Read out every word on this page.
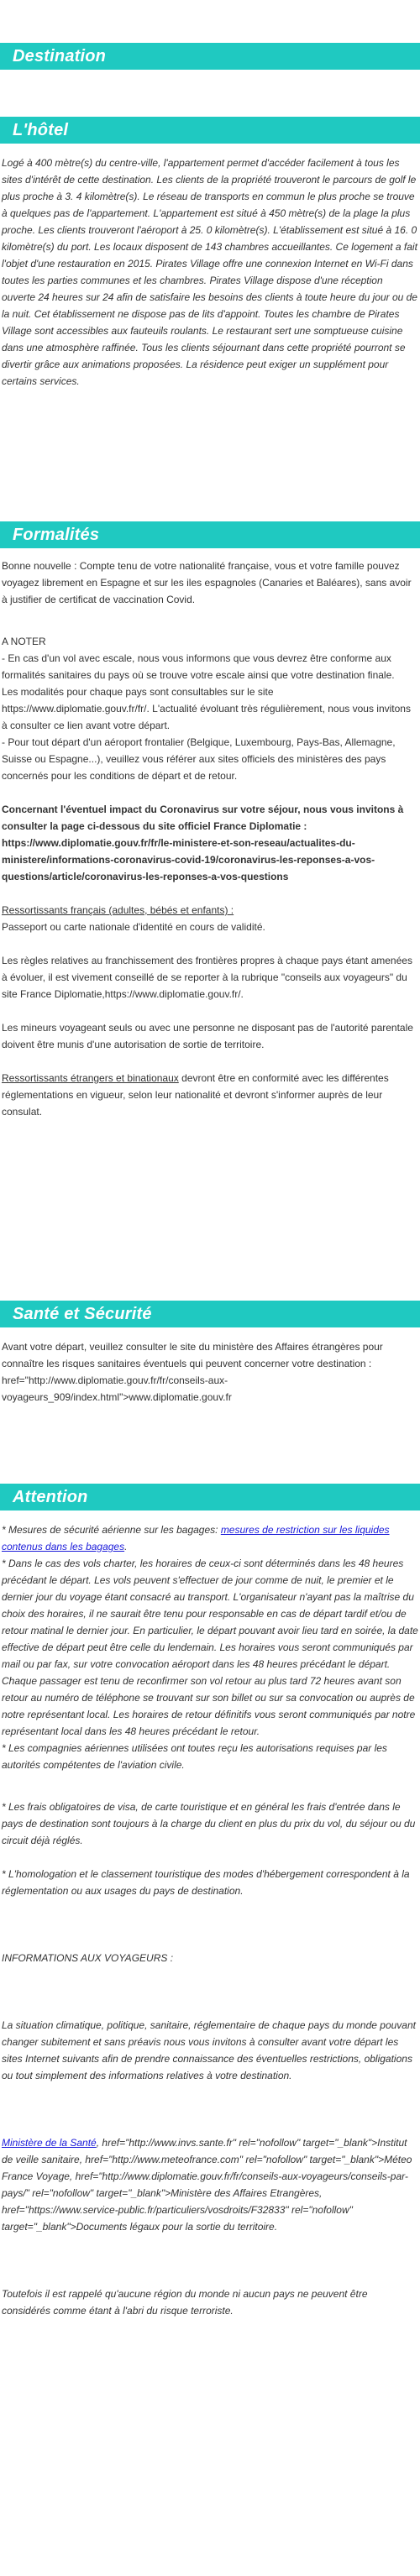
Destination
L'hôtel

Logé à 400 mètre(s) du centre-ville, l'appartement permet d'accéder facilement à tous les sites d'intérêt de cette destination. Les clients de la propriété trouveront le parcours de golf le plus proche à 3. 4 kilomètre(s). Le réseau de transports en commun le plus proche se trouve à quelques pas de l'appartement. L'appartement est situé à 450 mètre(s) de la plage la plus proche. Les clients trouveront l'aéroport à 25. 0 kilomètre(s). L'établissement est situé à 16. 0 kilomètre(s) du port. Les locaux disposent de 143 chambres accueillantes. Ce logement a fait l'objet d'une restauration en 2015. Pirates Village offre une connexion Internet en Wi-Fi dans toutes les parties communes et les chambres. Pirates Village dispose d'une réception ouverte 24 heures sur 24 afin de satisfaire les besoins des clients à toute heure du jour ou de la nuit. Cet établissement ne dispose pas de lits d'appoint. Toutes les chambre de Pirates Village sont accessibles aux fauteuils roulants. Le restaurant sert une somptueuse cuisine dans une atmosphère raffinée. Tous les clients séjournant dans cette propriété pourront se divertir grâce aux animations proposées. La résidence peut exiger un supplément pour certains services.

Formalités

Bonne nouvelle : Compte tenu de votre nationalité française, vous et votre famille pouvez voyagez librement en Espagne et sur les iles espagnoles (Canaries et Baléares), sans avoir à justifier de certificat de vaccination Covid.

A NOTER

- En cas d'un vol avec escale, nous vous informons que vous devrez être conforme aux formalités sanitaires du pays où se trouve votre escale ainsi que votre destination finale.

Les modalités pour chaque pays sont consultables sur le site https://www.diplomatie.gouv.fr/fr/. L'actualité évoluant très régulièrement, nous vous invitons à consulter ce lien avant votre départ.

- Pour tout départ d'un aéroport frontalier (Belgique, Luxembourg, Pays-Bas, Allemagne, Suisse ou Espagne...), veuillez vous référer aux sites officiels des ministères des pays concernés pour les conditions de départ et de retour.

Concernant l'éventuel impact du Coronavirus sur votre séjour, nous vous invitons à consulter la page ci-dessous du site officiel France Diplomatie : https://www.diplomatie.gouv.fr/fr/le-ministere-et-son-reseau/actualites-du-ministere/informations-coronavirus-covid-19/coronavirus-les-reponses-a-vos-questions/article/coronavirus-les-reponses-a-vos-questions

Ressortissants français (adultes, bébés et enfants) :

Passeport ou carte nationale d'identité en cours de validité.

Les règles relatives au franchissement des frontières propres à chaque pays étant amenées à évoluer, il est vivement conseillé de se reporter à la rubrique "conseils aux voyageurs" du site France Diplomatie,https://www.diplomatie.gouv.fr/.

Les mineurs voyageant seuls ou avec une personne ne disposant pas de l'autorité parentale doivent être munis d'une autorisation de sortie de territoire.

Ressortissants étrangers et binationaux devront être en conformité avec les différentes réglementations en vigueur, selon leur nationalité et devront s'informer auprès de leur consulat.

Santé et Sécurité

Avant votre départ, veuillez consulter le site du ministère des Affaires étrangères pour connaître les risques sanitaires éventuels qui peuvent concerner votre destination : href="http://www.diplomatie.gouv.fr/fr/conseils-aux-voyageurs_909/index.html">www.diplomatie.gouv.fr

Attention

* Mesures de sécurité aérienne sur les bagages: mesures de restriction sur les liquides contenus dans les bagages.

* Dans le cas des vols charter, les horaires de ceux-ci sont déterminés dans les 48 heures précédant le départ. Les vols peuvent s'effectuer de jour comme de nuit, le premier et le dernier jour du voyage étant consacré au transport. L'organisateur n'ayant pas la maîtrise du choix des horaires, il ne saurait être tenu pour responsable en cas de départ tardif et/ou de retour matinal le dernier jour. En particulier, le départ pouvant avoir lieu tard en soirée, la date effective de départ peut être celle du lendemain. Les horaires vous seront communiqués par mail ou par fax, sur votre convocation aéroport dans les 48 heures précédant le départ. Chaque passager est tenu de reconfirmer son vol retour au plus tard 72 heures avant son retour au numéro de téléphone se trouvant sur son billet ou sur sa convocation ou auprès de notre représentant local. Les horaires de retour définitifs vous seront communiqués par notre représentant local dans les 48 heures précédant le retour.

* Les compagnies aériennes utilisées ont toutes reçu les autorisations requises par les autorités compétentes de l'aviation civile.

* Les frais obligatoires de visa, de carte touristique et en général les frais d'entrée dans le pays de destination sont toujours à la charge du client en plus du prix du vol, du séjour ou du circuit déjà réglés.

* L'homologation et le classement touristique des modes d'hébergement correspondent à la réglementation ou aux usages du pays de destination.

INFORMATIONS AUX VOYAGEURS :

La situation climatique, politique, sanitaire, réglementaire de chaque pays du monde pouvant changer subitement et sans préavis nous vous invitons à consulter avant votre départ les sites Internet suivants afin de prendre connaissance des éventuelles restrictions, obligations ou tout simplement des informations relatives à votre destination.

Ministère de la Santé, href="http://www.invs.sante.fr" rel="nofollow" target="_blank">Institut de veille sanitaire, href="http://www.meteofrance.com" rel="nofollow" target="_blank">Méteo France Voyage, href="http://www.diplomatie.gouv.fr/fr/conseils-aux-voyageurs/conseils-par-pays/" rel="nofollow" target="_blank">Ministère des Affaires Etrangères, href="https://www.service-public.fr/particuliers/vosdroits/F32833" rel="nofollow" target="_blank">Documents légaux pour la sortie du territoire.

Toutefois il est rappelé qu'aucune région du monde ni aucun pays ne peuvent être considérés comme étant à l'abri du risque terroriste.
